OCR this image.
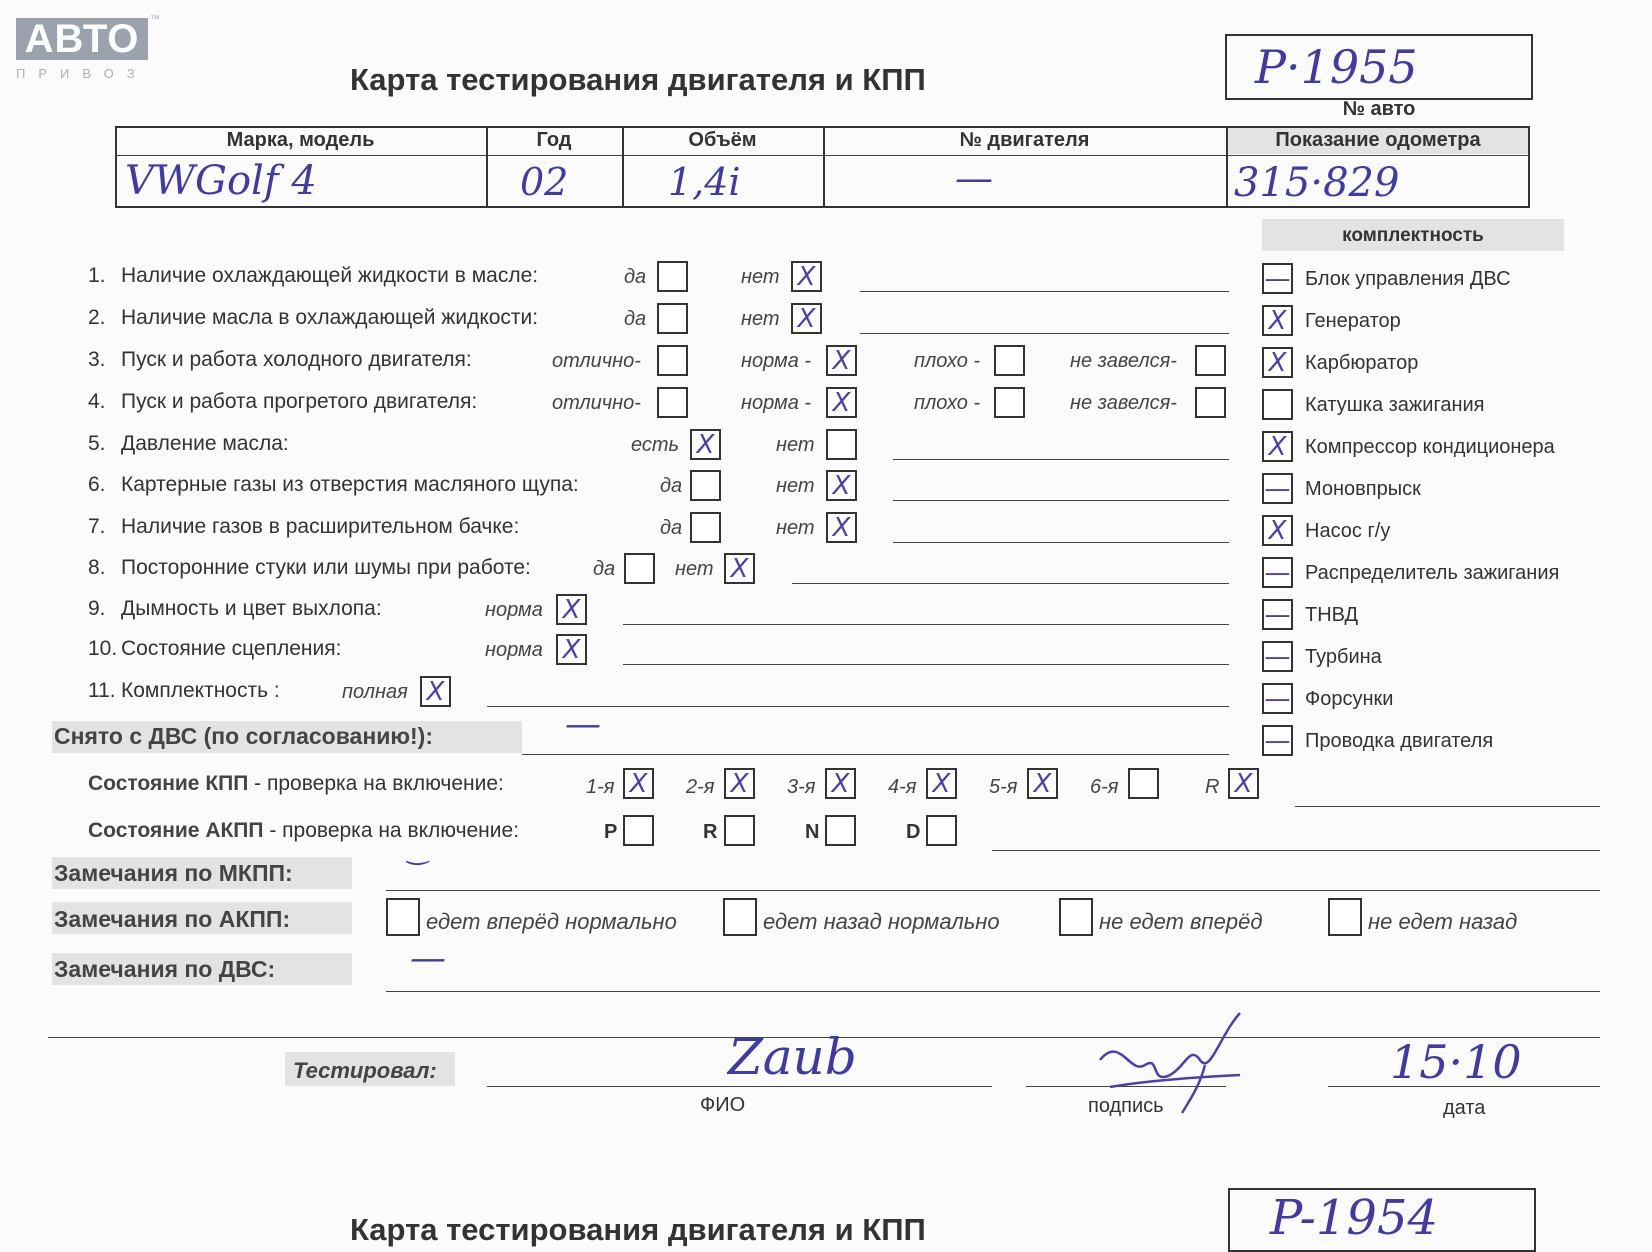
АВТО	™
ПРИВОЗ	Карта тестирования двигателя и КПП	P·1955
№ авто
Марка, модель	Год	Объём	№ двигателя	Показание одометра
VWGolf 4	02	1,4i	—	315·829
комплектность
— Блок управления ДВС
X Генератор
X Карбюратор
Катушка зажигания
X Компрессор кондиционера
— Моновпрыск
X Насос г/у
— Распределитель зажигания
— ТНВД
— Турбина
— Форсунки
— Проводка двигателя
1. Наличие охлаждающей жидкости в масле:	да	нет X
2. Наличие масла в охлаждающей жидкости:	да	нет X
3. Пуск и работа холодного двигателя:	отлично-	норма - X	плохо -	не завелся-
4. Пуск и работа прогретого двигателя:	отлично-	норма - X	плохо -	не завелся-
5. Давление масла:	есть X	нет
6. Картерные газы из отверстия масляного щупа:	да	нет X
7. Наличие газов в расширительном бачке:	да	нет X
8. Посторонние стуки или шумы при работе:	да	нет X
9. Дымность и цвет выхлопа:	норма X
10. Состояние сцепления:	норма X
11. Комплектность :	полная X
Снято с ДВС (по согласованию!):	—
Состояние КПП - проверка на включение:	1-я X 2-я X 3-я X 4-я X 5-я X 6-я	R X
Состояние АКПП - проверка на включение:	P	R	N	D
‿
Замечания по МКПП:
Замечания по АКПП:	едет вперёд нормально	едет назад нормально	не едет вперёд	не едет назад
Замечания по ДВС:	—
Тестировал:	Zaub	15·10
ФИО	подпись	дата
Карта тестирования двигателя и КПП	P-1954
